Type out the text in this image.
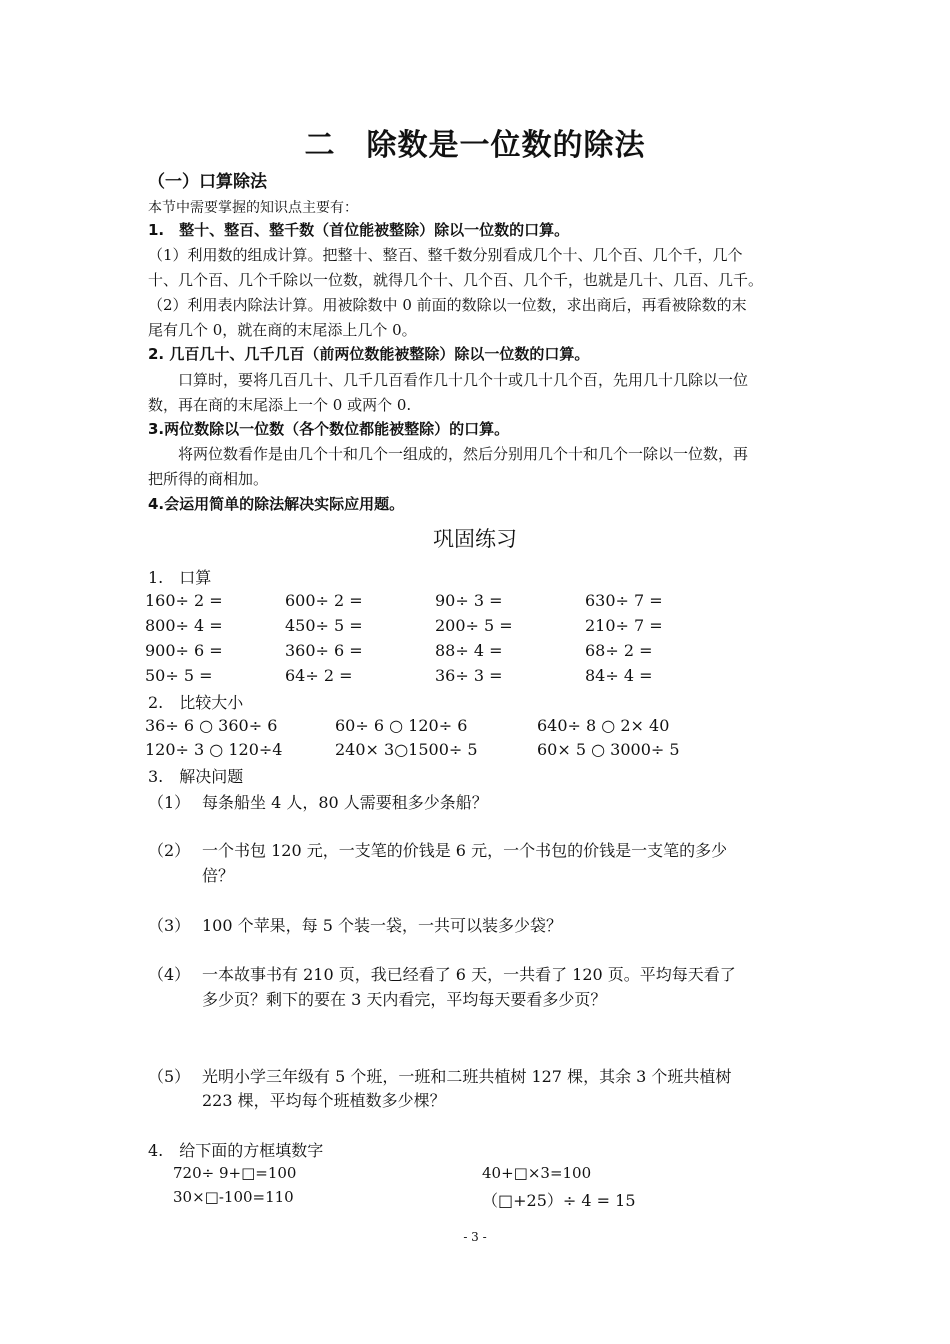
二　除数是一位数的除法
（一）口算除法
本节中需要掌握的知识点主要有：
1.　整十、整百、整千数（首位能被整除）除以一位数的口算。
（1）利用数的组成计算。把整十、整百、整千数分别看成几个十、几个百、几个千，几个
十、几个百、几个千除以一位数，就得几个十、几个百、几个千，也就是几十、几百、几千。
（2）利用表内除法计算。用被除数中 0 前面的数除以一位数，求出商后，再看被除数的末
尾有几个 0，就在商的末尾添上几个 0。
2. 几百几十、几千几百（前两位数能被整除）除以一位数的口算。
口算时，要将几百几十、几千几百看作几十几个十或几十几个百，先用几十几除以一位
数，再在商的末尾添上一个 0 或两个 0.
3.两位数除以一位数（各个数位都能被整除）的口算。
将两位数看作是由几个十和几个一组成的，然后分别用几个十和几个一除以一位数，再
把所得的商相加。
4.会运用简单的除法解决实际应用题。
巩固练习
1.　口算
160÷ 2 =	600÷ 2 =	90÷ 3 =	630÷ 7 =
800÷ 4 =	450÷ 5 =	200÷ 5 =	210÷ 7 =
900÷ 6 =	360÷ 6 =	88÷ 4 =	68÷ 2 =
50÷ 5 =	64÷ 2 =	36÷ 3 =	84÷ 4 =
2.　比较大小
36÷ 6 ○ 360÷ 6	60÷ 6 ○ 120÷ 6	640÷ 8 ○ 2× 40
120÷ 3 ○ 120÷4	240× 3○1500÷ 5	60× 5 ○ 3000÷ 5
3.　解决问题
（1） 每条船坐 4 人，80 人需要租多少条船？
（2） 一个书包 120 元，一支笔的价钱是 6 元，一个书包的价钱是一支笔的多少
倍？
（3） 100 个苹果，每 5 个装一袋，一共可以装多少袋？
（4） 一本故事书有 210 页，我已经看了 6 天，一共看了 120 页。平均每天看了
多少页？剩下的要在 3 天内看完，平均每天要看多少页？
（5） 光明小学三年级有 5 个班，一班和二班共植树 127 棵，其余 3 个班共植树
223 棵，平均每个班植数多少棵？
4.　给下面的方框填数字
720÷ 9+□=100	40+□×3=100
30×□-100=110	（□+25）÷ 4 = 15
- 3 -
